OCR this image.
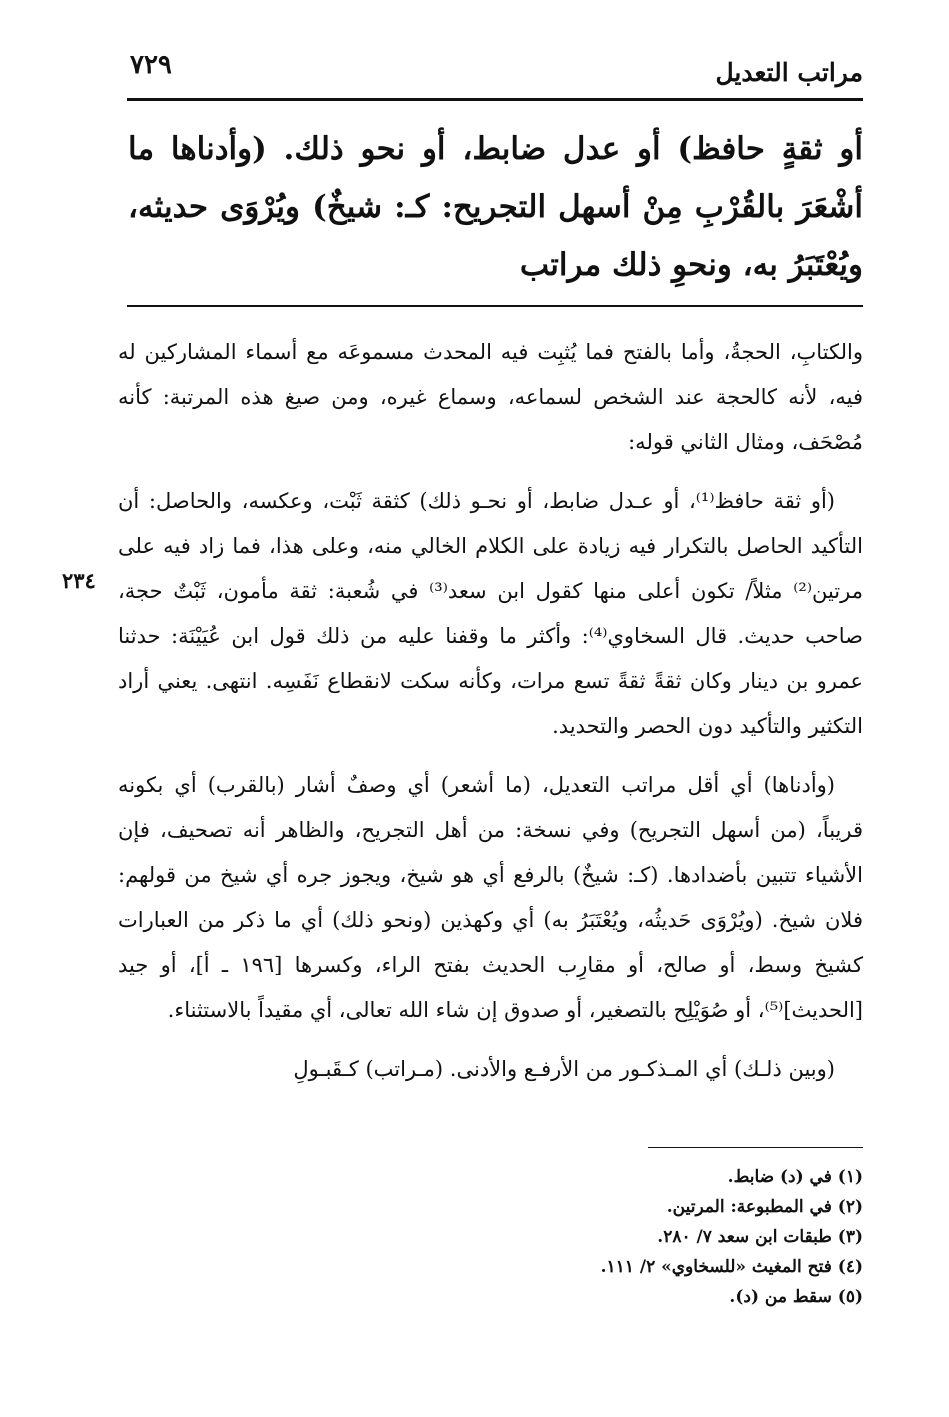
مراتب التعديل
٧٢٩

أو ثقةٍ حافظ) أو عدل ضابط، أو نحو ذلك. (وأدناها ما أشْعَرَ بالقُرْبِ مِنْ أسهل التجريح: كـ: شيخٌ) ويُرْوَى حديثه، ويُعْتَبَرُ به، ونحوِ ذلك مراتب

والكتابِ، الحجةُ، وأما بالفتح فما يُثبِت فيه المحدث مسموعَه مع أسماء المشاركين له فيه، لأنه كالحجة عند الشخص لسماعه، وسماع غيره، ومن صيغ هذه المرتبة: كأنه مُصْحَف، ومثال الثاني قوله:

(أو ثقة حافظ⁽¹⁾، أو عـدل ضابط، أو نحـو ذلك) كثقة ثَبْت، وعكسه، والحاصل: أن التأكيد الحاصل بالتكرار فيه زيادة على الكلام الخالي منه، وعلى هذا، فما زاد فيه على مرتين⁽²⁾ مثلاً/ تكون أعلى منها كقول ابن سعد⁽³⁾ في شُعبة: ثقة مأمون، ثَبْتٌ حجة، صاحب حديث. قال السخاوي⁽⁴⁾: وأكثر ما وقفنا عليه من ذلك قول ابن عُيَيْنَة: حدثنا عمرو بن دينار وكان ثقةً ثقةً تسع مرات، وكأنه سكت لانقطاع نَفَسِه. انتهى. يعني أراد التكثير والتأكيد دون الحصر والتحديد.

(وأدناها) أي أقل مراتب التعديل، (ما أشعر) أي وصفٌ أشار (بالقرب) أي بكونه قريباً، (من أسهل التجريح) وفي نسخة: من أهل التجريح، والظاهر أنه تصحيف، فإن الأشياء تتبين بأضدادها. (كـ: شيخٌ) بالرفع أي هو شيخ، ويجوز جره أي شيخ من قولهم: فلان شيخ. (ويُرْوَى حَديثُه، ويُعْتَبَرُ به) أي وكهذين (ونحو ذلك) أي ما ذكر من العبارات كشيخ وسط، أو صالح، أو مقارِب الحديث بفتح الراء، وكسرها [١٩٦ ـ أ]، أو جيد [الحديث]⁽⁵⁾، أو صُوَيْلِح بالتصغير، أو صدوق إن شاء الله تعالى، أي مقيداً بالاستثناء.

(وبين ذلـك) أي المـذكـور من الأرفـع والأدنى. (مـراتب) كـقَبـولِ

٢٣٤
(١) في (د) ضابط.
(٢) في المطبوعة: المرتين.
(٣) طبقات ابن سعد ٧/ ٢٨٠.
(٤) فتح المغيث «للسخاوي» ٢/ ١١١.
(٥) سقط من (د).
